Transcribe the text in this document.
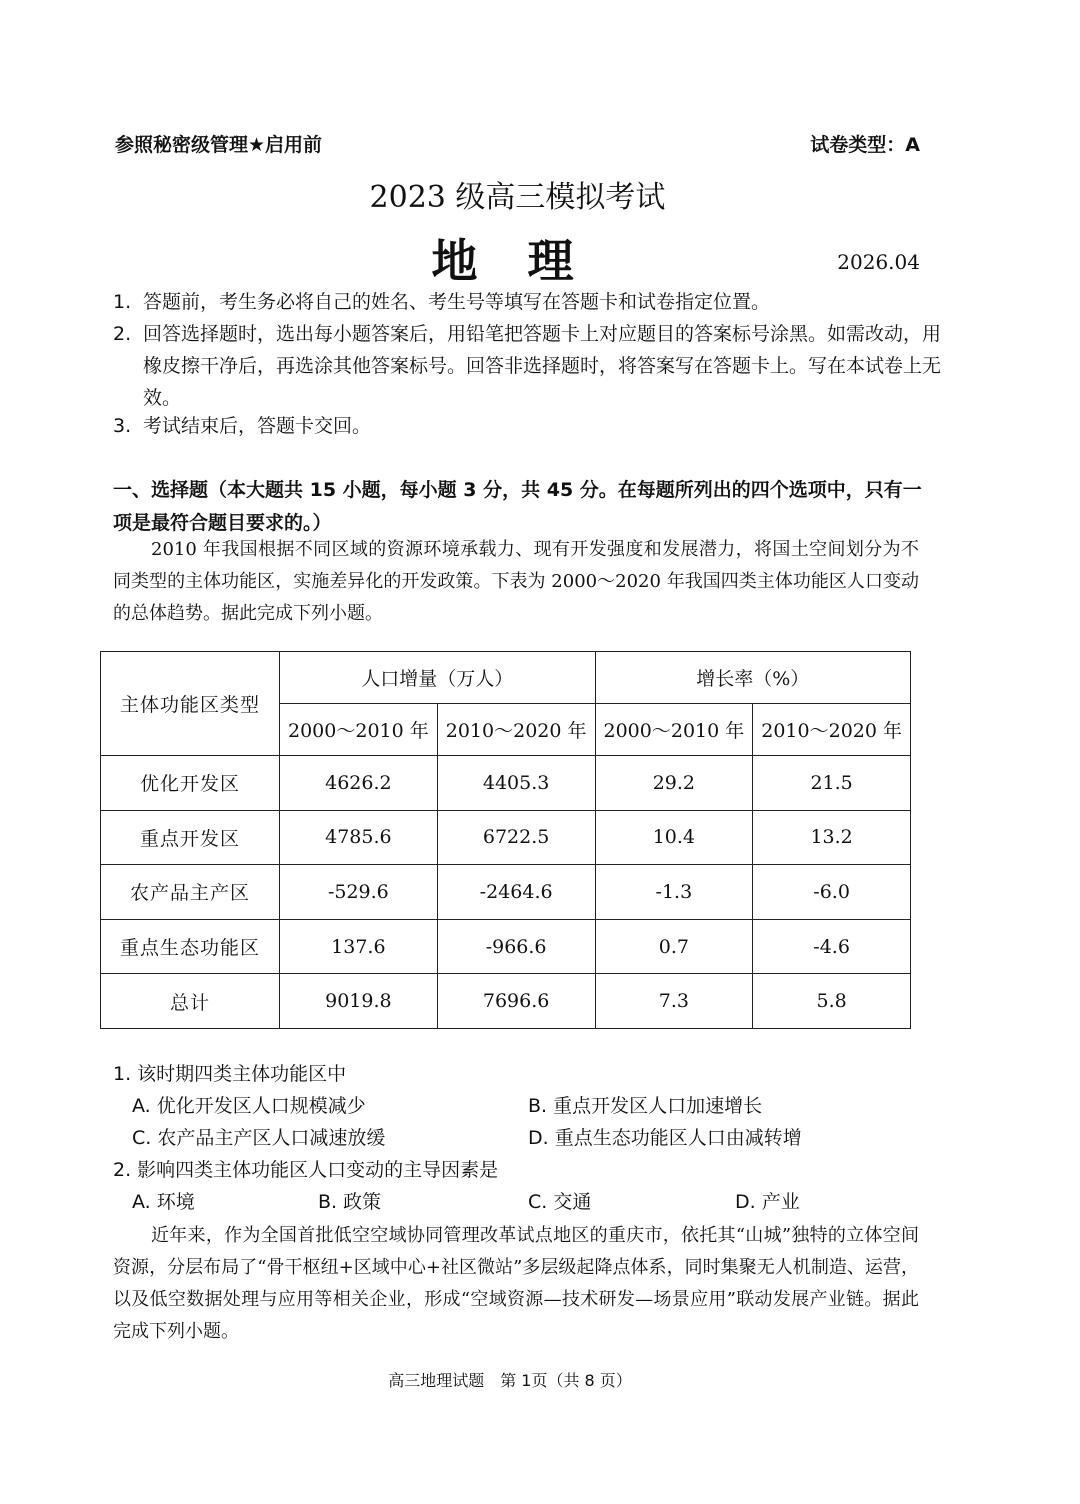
参照秘密级管理★启用前	试卷类型：A
2023 级高三模拟考试
地理	2026.04
1. 答题前，考生务必将自己的姓名、考生号等填写在答题卡和试卷指定位置。
2. 回答选择题时，选出每小题答案后，用铅笔把答题卡上对应题目的答案标号涂黑。如需改动，用橡皮擦干净后，再选涂其他答案标号。回答非选择题时，将答案写在答题卡上。写在本试卷上无效。
3. 考试结束后，答题卡交回。
一、选择题（本大题共 15 小题，每小题 3 分，共 45 分。在每题所列出的四个选项中，只有一项是最符合题目要求的。）
2010 年我国根据不同区域的资源环境承载力、现有开发强度和发展潜力，将国土空间划分为不同类型的主体功能区，实施差异化的开发政策。下表为 2000～2020 年我国四类主体功能区人口变动的总体趋势。据此完成下列小题。
主体功能区类型	人口增量（万人）		增长率（%）	
	2000～2010 年	2010～2020 年	2000～2010 年	2010～2020 年
优化开发区	4626.2	4405.3	29.2	21.5
重点开发区	4785.6	6722.5	10.4	13.2
农产品主产区	-529.6	-2464.6	-1.3	-6.0
重点生态功能区	137.6	-966.6	0.7	-4.6
总计	9019.8	7696.6	7.3	5.8
1. 该时期四类主体功能区中
A. 优化开发区人口规模减少	B. 重点开发区人口加速增长
C. 农产品主产区人口减速放缓	D. 重点生态功能区人口由减转增
2. 影响四类主体功能区人口变动的主导因素是
A. 环境	B. 政策	C. 交通	D. 产业
近年来，作为全国首批低空空域协同管理改革试点地区的重庆市，依托其“山城”独特的立体空间资源，分层布局了“骨干枢纽+区域中心+社区微站”多层级起降点体系，同时集聚无人机制造、运营，以及低空数据处理与应用等相关企业，形成“空域资源—技术研发—场景应用”联动发展产业链。据此完成下列小题。
高三地理试题　第 1页（共 8 页）
